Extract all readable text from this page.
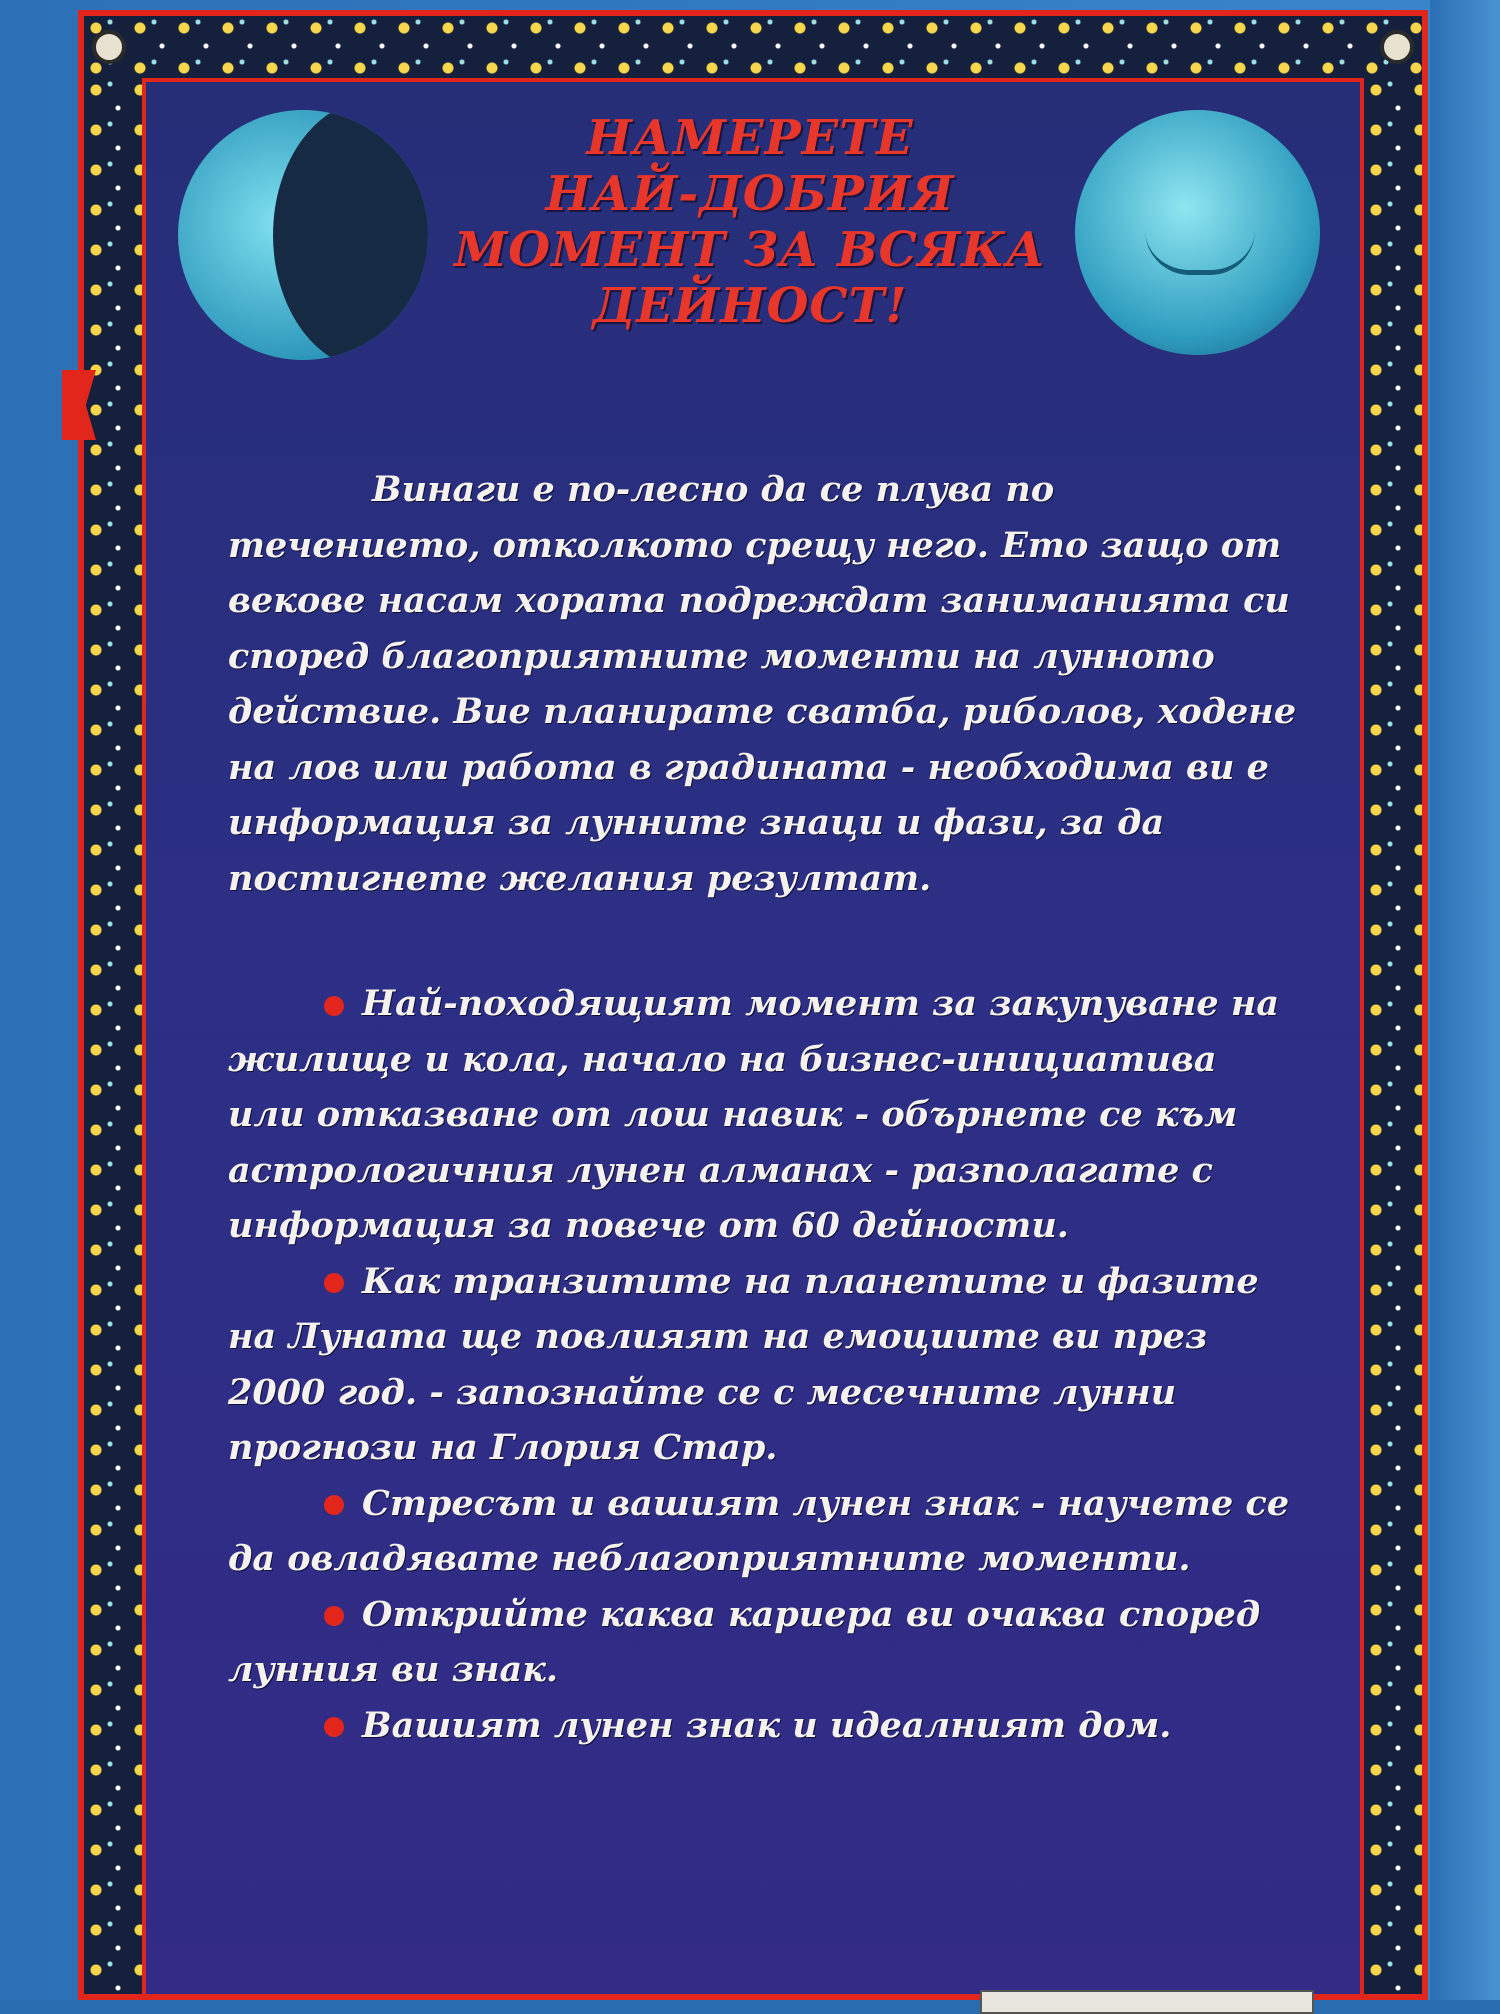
НАМЕРЕТЕ
НАЙ-ДОБРИЯ
МОМЕНТ ЗА ВСЯКА
ДЕЙНОСТ!

Винаги е по-лесно да се плува по течението, отколкото срещу него. Ето защо от векове насам хората подреждат заниманията си според благоприятните моменти на лунното действие. Вие планирате сватба, риболов, ходене на лов или работа в градината - необходима ви е информация за лунните знаци и фази, за да постигнете желания резултат.

Най-походящият момент за закупуване на жилище и кола, начало на бизнес-инициатива или отказване от лош навик - обърнете се към астрологичния лунен алманах - разполагате с информация за повече от 60 дейности.

Как транзитите на планетите и фазите на Луната ще повлияят на емоциите ви през 2000 год. - запознайте се с месечните лунни прогнози на Глория Стар.

Стресът и вашият лунен знак - научете се да овладявате неблагоприятните моменти.

Открийте каква кариера ви очаква според лунния ви знак.

Вашият лунен знак и идеалният дом.
